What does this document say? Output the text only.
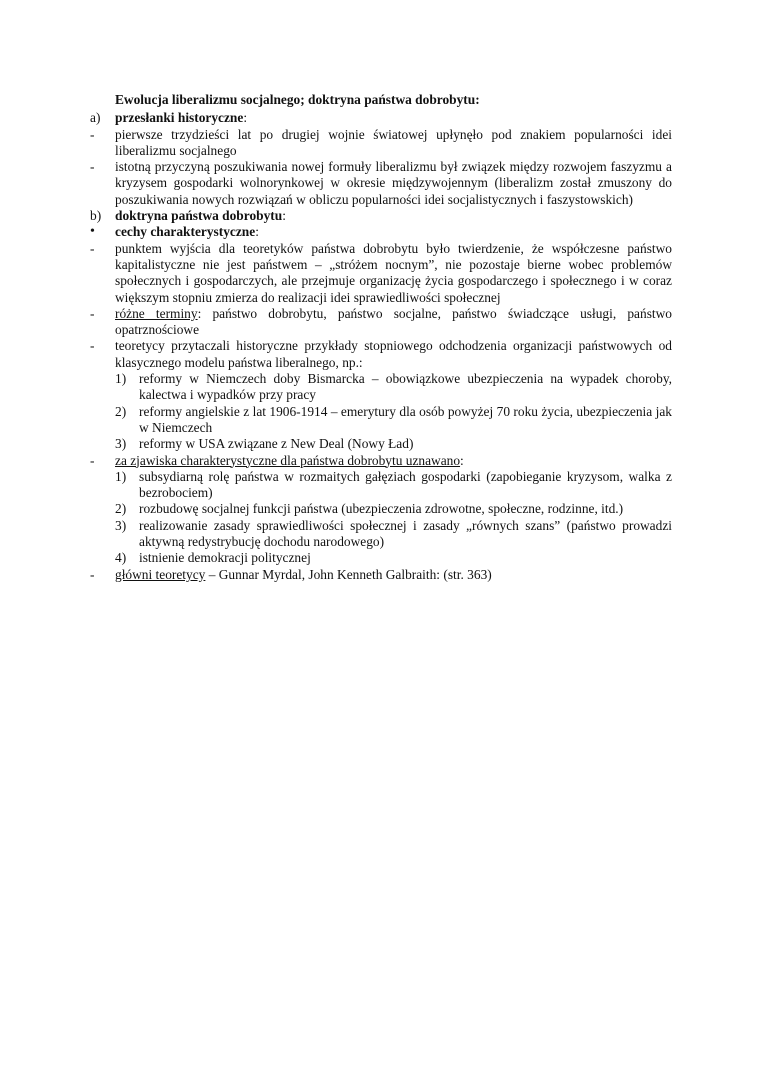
Ewolucja liberalizmu socjalnego; doktryna państwa dobrobytu:
a)	przesłanki historyczne:
-	pierwsze trzydzieści lat po drugiej wojnie światowej upłynęło pod znakiem popularności idei liberalizmu socjalnego
-	istotną przyczyną poszukiwania nowej formuły liberalizmu był związek między rozwojem faszyzmu a kryzysem gospodarki wolnorynkowej w okresie międzywojennym (liberalizm został zmuszony do poszukiwania nowych rozwiązań w obliczu popularności idei socjalistycznych i faszystowskich)
b)	doktryna państwa dobrobytu:
•	cechy charakterystyczne:
-	punktem wyjścia dla teoretyków państwa dobrobytu było twierdzenie, że współczesne państwo kapitalistyczne nie jest państwem – „stróżem nocnym”, nie pozostaje bierne wobec problemów społecznych i gospodarczych, ale przejmuje organizację życia gospodarczego i społecznego i w coraz większym stopniu zmierza do realizacji idei sprawiedliwości społecznej
-	różne terminy: państwo dobrobytu, państwo socjalne, państwo świadczące usługi, państwo opatrznościowe
-	teoretycy przytaczali historyczne przykłady stopniowego odchodzenia organizacji państwowych od klasycznego modelu państwa liberalnego, np.:
1) reformy w Niemczech doby Bismarcka – obowiązkowe ubezpieczenia na wypadek choroby, kalectwa i wypadków przy pracy
2) reformy angielskie z lat 1906-1914 – emerytury dla osób powyżej 70 roku życia, ubezpieczenia jak w Niemczech
3) reformy w USA związane z New Deal (Nowy Ład)
-	za zjawiska charakterystyczne dla państwa dobrobytu uznawano:
1) subsydiarną rolę państwa w rozmaitych gałęziach gospodarki (zapobieganie kryzysom, walka z bezrobociem)
2) rozbudowę socjalnej funkcji państwa (ubezpieczenia zdrowotne, społeczne, rodzinne, itd.)
3) realizowanie zasady sprawiedliwości społecznej i zasady „równych szans” (państwo prowadzi aktywną redystrybucję dochodu narodowego)
4) istnienie demokracji politycznej
-	główni teoretycy – Gunnar Myrdal, John Kenneth Galbraith: (str. 363)
